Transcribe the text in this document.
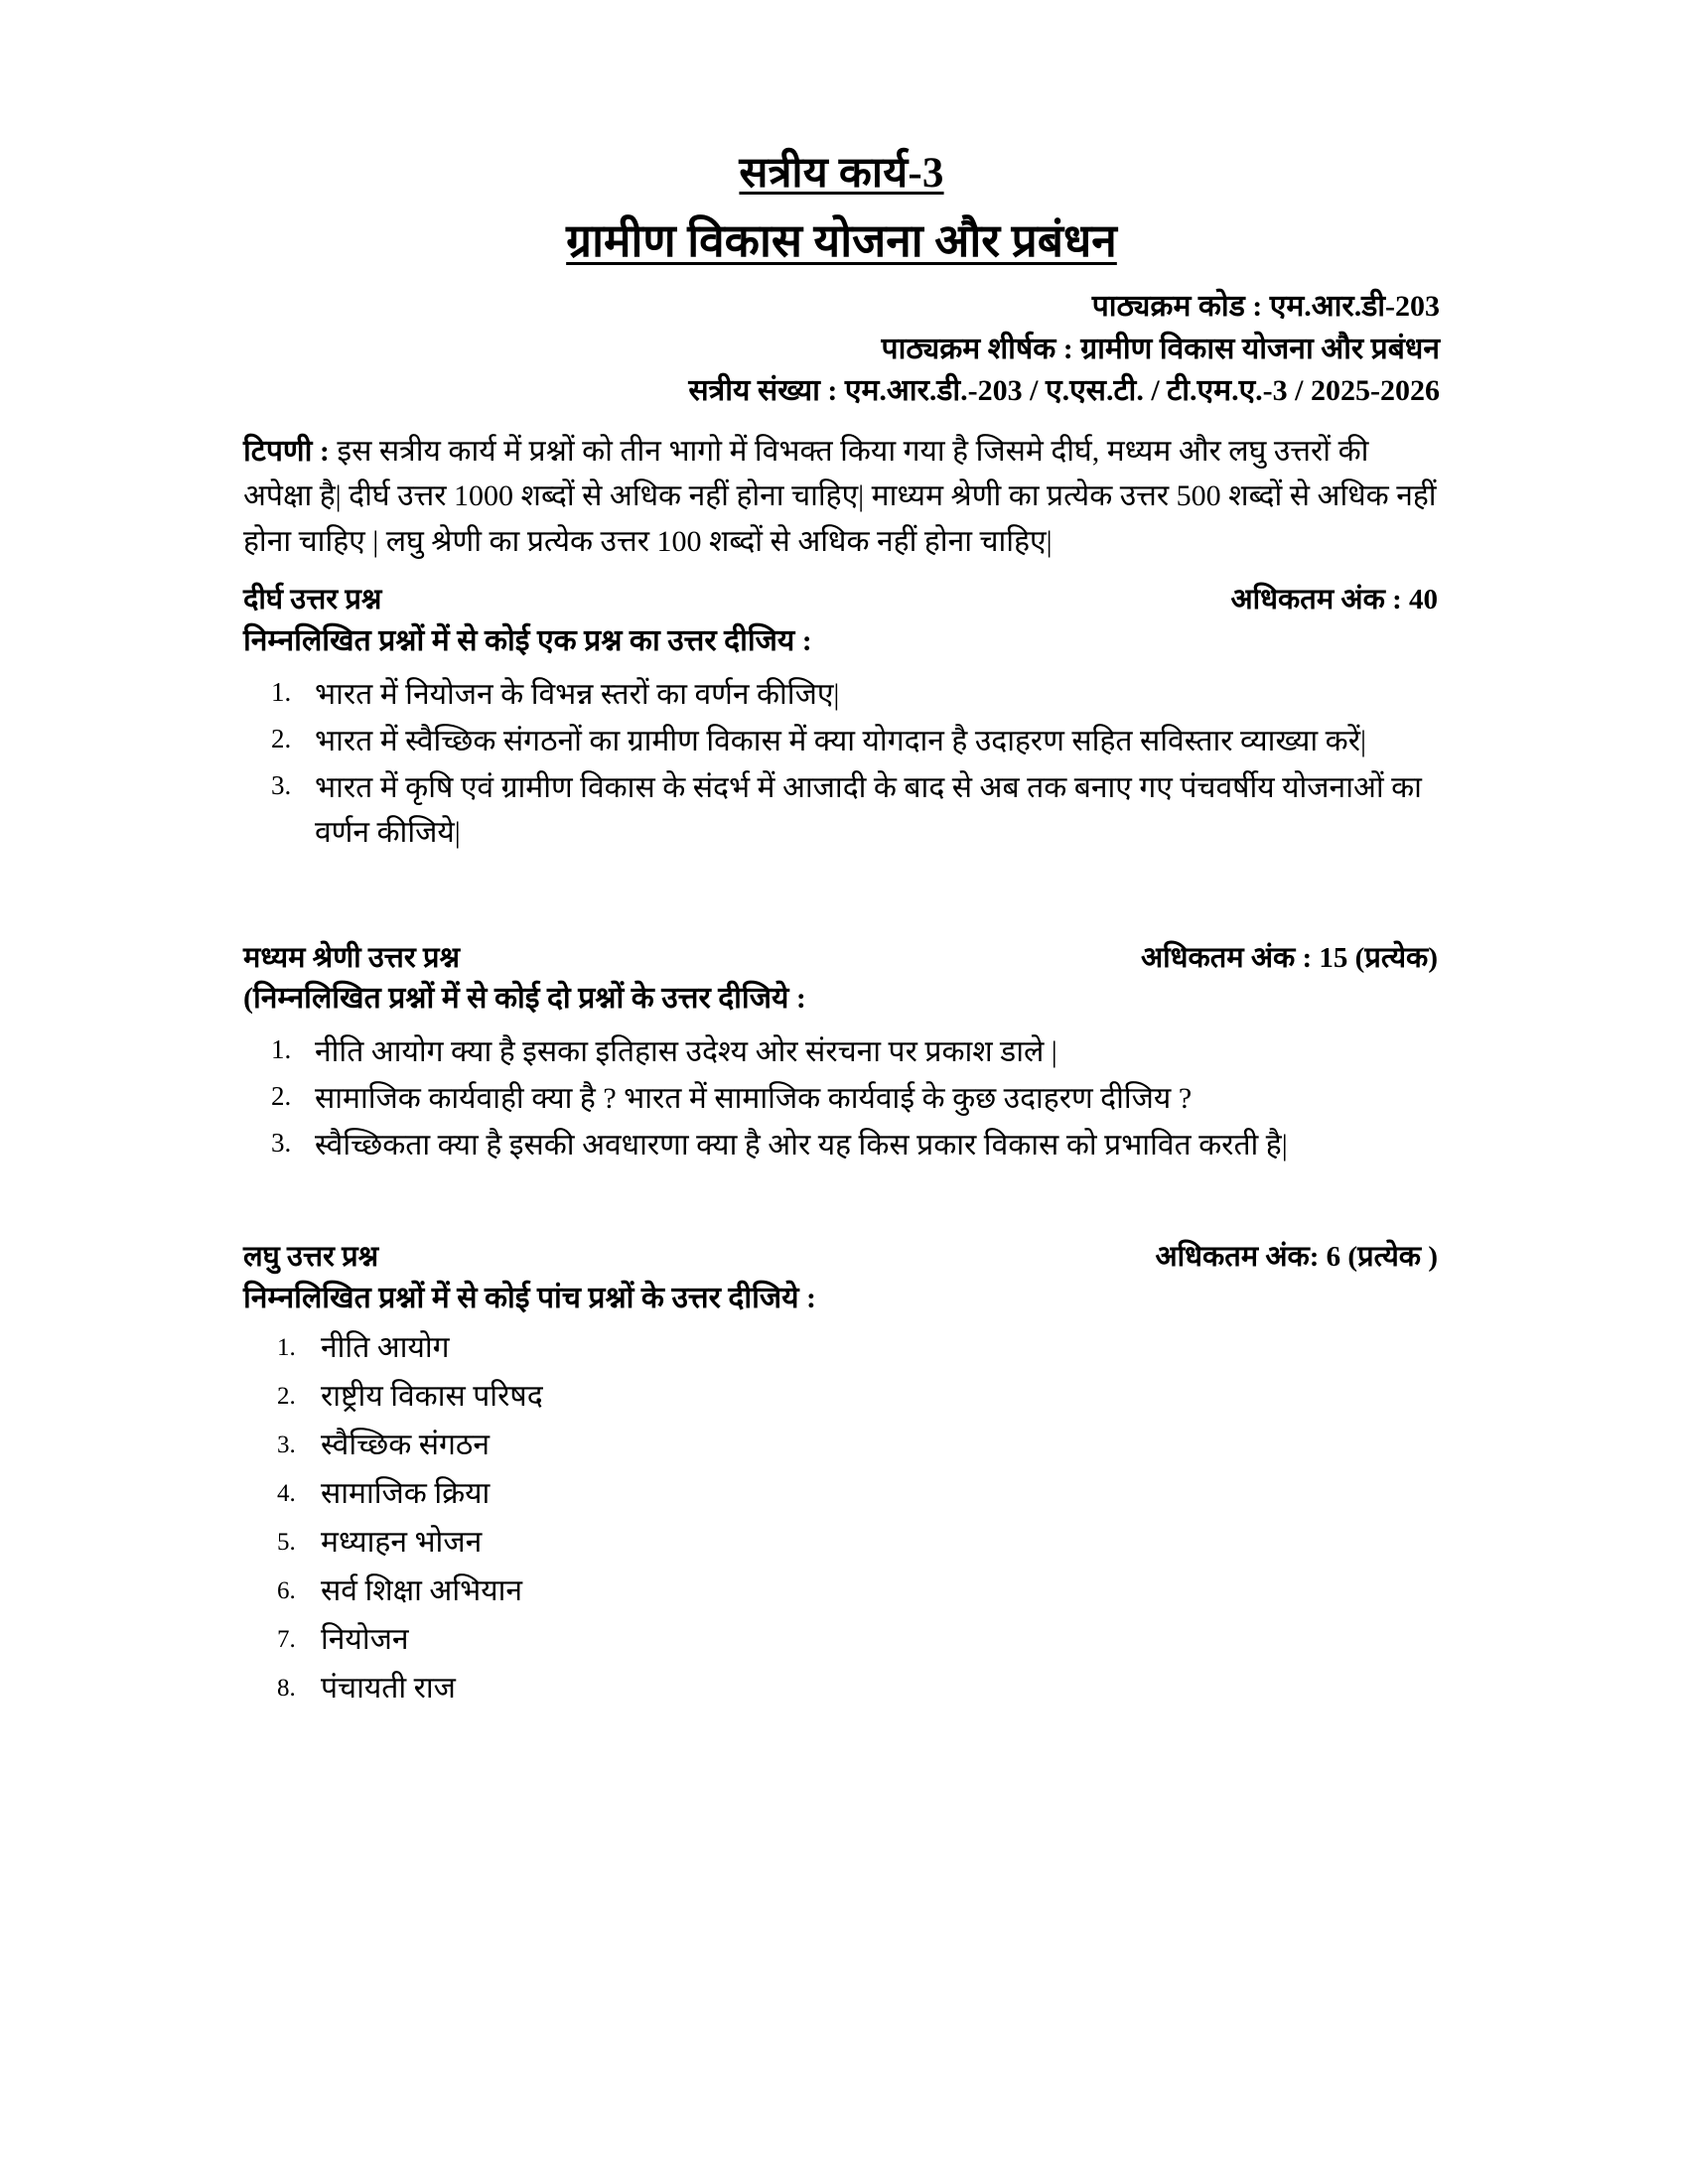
सत्रीय कार्य-3
ग्रामीण विकास योजना और प्रबंधन
पाठ्यक्रम कोड : एम.आर.डी-203
पाठ्यक्रम शीर्षक : ग्रामीण विकास योजना और प्रबंधन
सत्रीय संख्या : एम.आर.डी.-203 / ए.एस.टी. / टी.एम.ए.-3 / 2025-2026

टिपणी : इस सत्रीय कार्य में प्रश्नों को तीन भागो में विभक्त किया गया है जिसमे दीर्घ, मध्यम और लघु उत्तरों की अपेक्षा है| दीर्घ उत्तर 1000 शब्दों से अधिक नहीं होना चाहिए| माध्यम श्रेणी का प्रत्येक उत्तर 500 शब्दों से अधिक नहीं होना चाहिए | लघु श्रेणी का प्रत्येक उत्तर 100 शब्दों से अधिक नहीं होना चाहिए|

दीर्घ उत्तर प्रश्न	अधिकतम अंक : 40
निम्नलिखित प्रश्नों में से कोई एक प्रश्न का उत्तर दीजिय :
भारत में नियोजन के विभन्न स्तरों का वर्णन कीजिए|
भारत में स्वैच्छिक संगठनों का ग्रामीण विकास में क्या योगदान है उदाहरण सहित सविस्तार व्याख्या करें|
भारत में कृषि एवं ग्रामीण विकास के संदर्भ में आजादी के बाद से अब तक बनाए गए पंचवर्षीय योजनाओं का वर्णन कीजिये|
मध्यम श्रेणी उत्तर प्रश्न	अधिकतम अंक : 15 (प्रत्येक)
(निम्नलिखित प्रश्नों में से कोई दो प्रश्नों के उत्तर दीजिये :
नीति आयोग क्या है इसका इतिहास उदेश्य ओर संरचना पर प्रकाश डाले |
सामाजिक कार्यवाही क्या है ? भारत में सामाजिक कार्यवाई के कुछ उदाहरण दीजिय ?
स्वैच्छिकता क्या है इसकी अवधारणा क्या है ओर यह किस प्रकार विकास को प्रभावित करती है|
लघु उत्तर प्रश्न	अधिकतम अंक: 6 (प्रत्येक )
निम्नलिखित प्रश्नों में से कोई पांच प्रश्नों के उत्तर दीजिये :
नीति आयोग
राष्ट्रीय विकास परिषद
स्वैच्छिक संगठन
सामाजिक क्रिया
मध्याहन भोजन
सर्व शिक्षा अभियान
नियोजन
पंचायती राज
